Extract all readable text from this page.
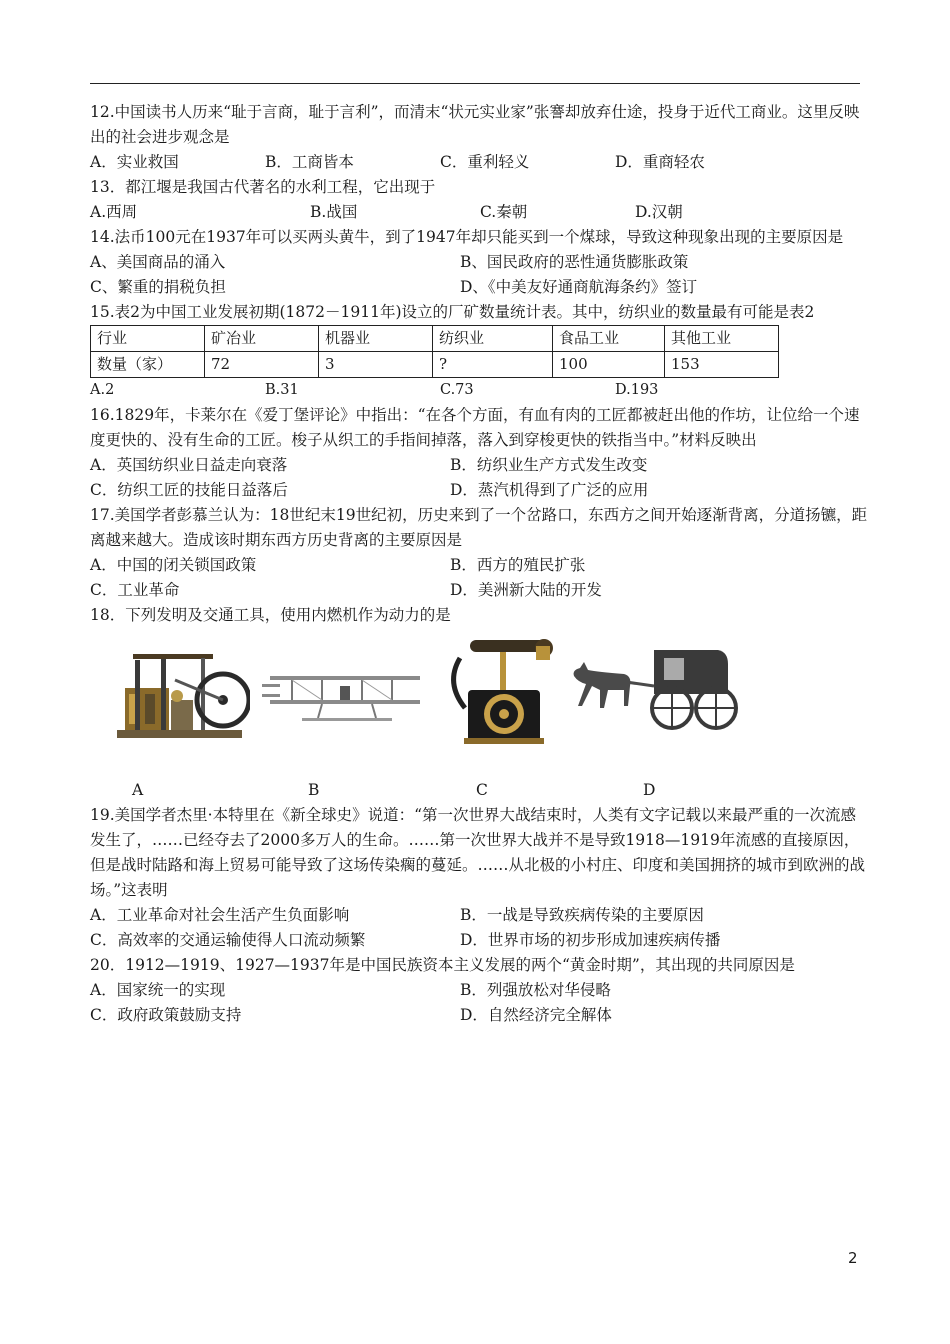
12.中国读书人历来“耻于言商，耻于言利”，而清末“状元实业家”张謇却放弃仕途，投身于近代工商业。这里反映出的社会进步观念是

A．实业救国	B．工商皆本	C．重利轻义	D．重商轻农

13．都江堰是我国古代著名的水利工程，它出现于

A.西周	B.战国	C.秦朝	D.汉朝

14.法币100元在1937年可以买两头黄牛，到了1947年却只能买到一个煤球，导致这种现象出现的主要原因是

A、美国商品的涌入	B、国民政府的恶性通货膨胀政策
C、繁重的捐税负担	D、《中美友好通商航海条约》签订

15.表2为中国工业发展初期(1872－1911年)设立的厂矿数量统计表。其中，纺织业的数量最有可能是表2

行业	矿冶业	机器业	纺织业	食品工业	其他工业
数量（家）	72	3	?	100	153
A.2	B.31	C.73	D.193

16.1829年，卡莱尔在《爱丁堡评论》中指出：“在各个方面，有血有肉的工匠都被赶出他的作坊，让位给一个速度更快的、没有生命的工匠。梭子从织工的手指间掉落，落入到穿梭更快的铁指当中。”材料反映出

A．英国纺织业日益走向衰落	B．纺织业生产方式发生改变
C．纺织工匠的技能日益落后	D．蒸汽机得到了广泛的应用

17.美国学者彭慕兰认为：18世纪末19世纪初，历史来到了一个岔路口，东西方之间开始逐渐背离，分道扬镳，距离越来越大。造成该时期东西方历史背离的主要原因是

A．中国的闭关锁国政策	B．西方的殖民扩张
C．工业革命	D．美洲新大陆的开发

18．下列发明及交通工具，使用内燃机作为动力的是

A	B	C	D

19.美国学者杰里·本特里在《新全球史》说道：“第一次世界大战结束时，人类有文字记载以来最严重的一次流感发生了，……已经夺去了2000多万人的生命。……第一次世界大战并不是导致1918—1919年流感的直接原因，但是战时陆路和海上贸易可能导致了这场传染瘸的蔓延。……从北极的小村庄、印度和美国拥挤的城市到欧洲的战场。”这表明

A．工业革命对社会生活产生负面影响	B．一战是导致疾病传染的主要原因
C．高效率的交通运输使得人口流动频繁	D．世界市场的初步形成加速疾病传播

20．1912—1919、1927—1937年是中国民族资本主义发展的两个“黄金时期”，其出现的共同原因是

A．国家统一的实现	B．列强放松对华侵略
C．政府政策鼓励支持	D．自然经济完全解体
2
